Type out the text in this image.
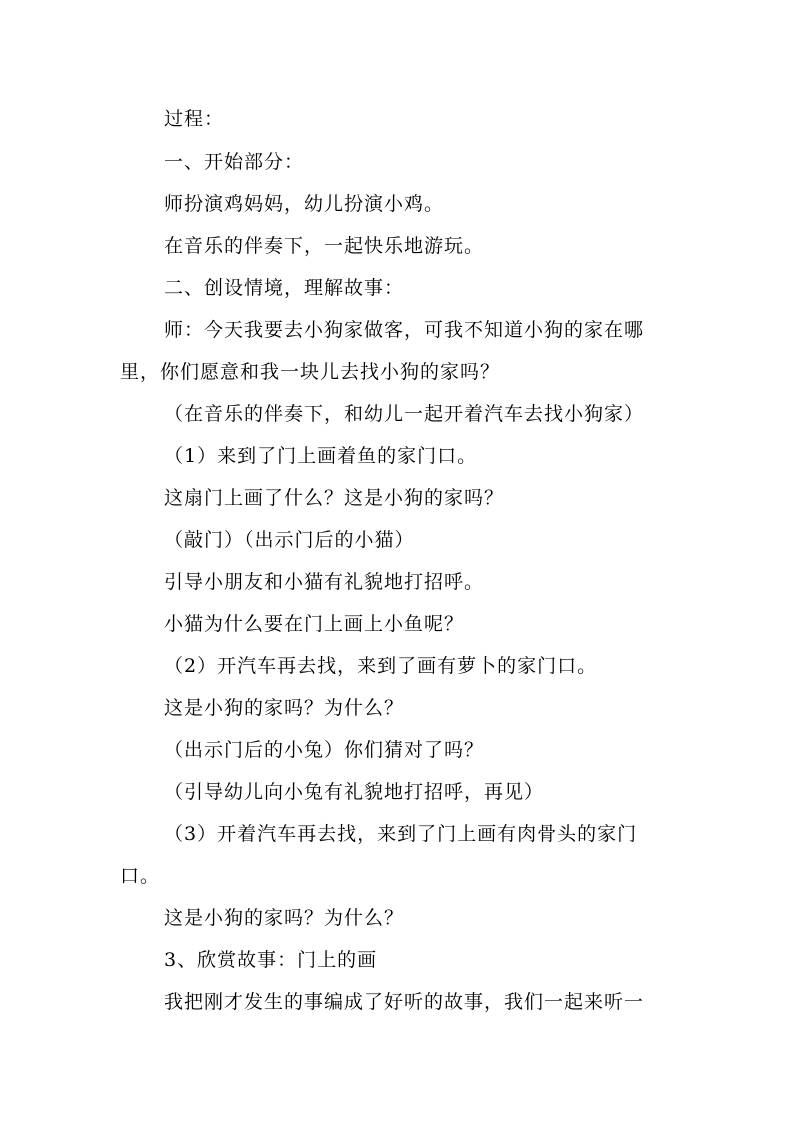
过程：
一、开始部分：
师扮演鸡妈妈，幼儿扮演小鸡。
在音乐的伴奏下，一起快乐地游玩。
二、创设情境，理解故事：
师：今天我要去小狗家做客，可我不知道小狗的家在哪
里，你们愿意和我一块儿去找小狗的家吗？
（在音乐的伴奏下，和幼儿一起开着汽车去找小狗家）
（1）来到了门上画着鱼的家门口。
这扇门上画了什么？这是小狗的家吗？
（敲门）（出示门后的小猫）
引导小朋友和小猫有礼貌地打招呼。
小猫为什么要在门上画上小鱼呢？
（2）开汽车再去找，来到了画有萝卜的家门口。
这是小狗的家吗？为什么？
（出示门后的小兔）你们猜对了吗？
（引导幼儿向小兔有礼貌地打招呼，再见）
（3）开着汽车再去找，来到了门上画有肉骨头的家门
口。
这是小狗的家吗？为什么？
3、欣赏故事：门上的画
我把刚才发生的事编成了好听的故事，我们一起来听一
